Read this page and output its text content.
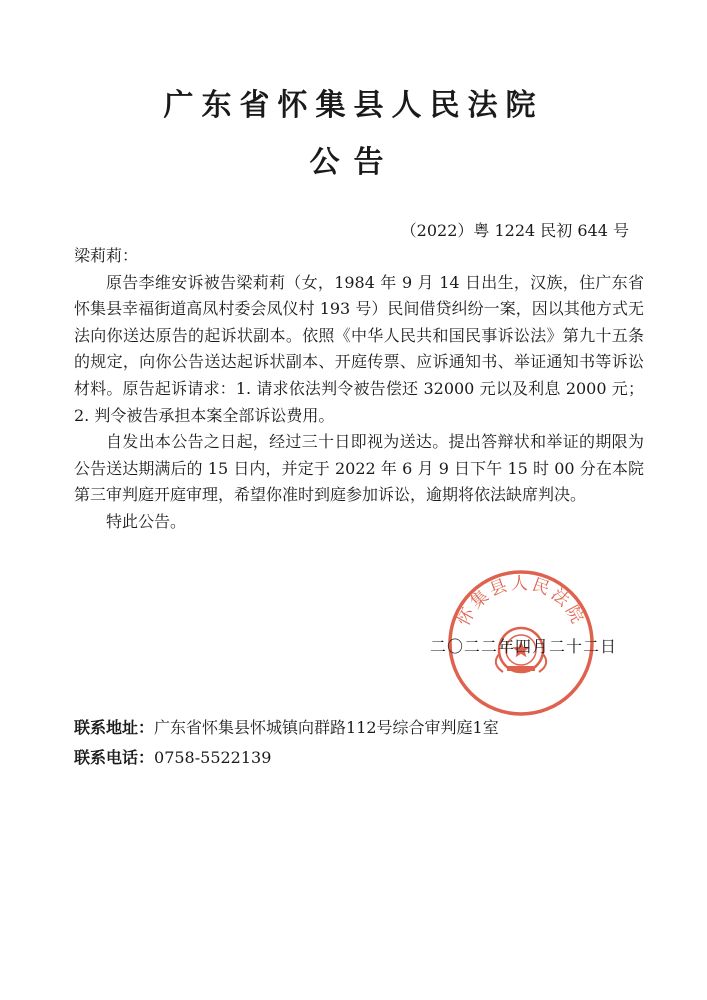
广东省怀集县人民法院
公告
（2022）粤 1224 民初 644 号

梁莉莉：

原告李维安诉被告梁莉莉（女，1984 年 9 月 14 日出生，汉族，住广东省怀集县幸福街道高凤村委会凤仪村 193 号）民间借贷纠纷一案，因以其他方式无法向你送达原告的起诉状副本。依照《中华人民共和国民事诉讼法》第九十五条的规定，向你公告送达起诉状副本、开庭传票、应诉通知书、举证通知书等诉讼材料。原告起诉请求：1. 请求依法判令被告偿还 32000 元以及利息 2000 元；2. 判令被告承担本案全部诉讼费用。

自发出本公告之日起，经过三十日即视为送达。提出答辩状和举证的期限为公告送达期满后的 15 日内，并定于 2022 年 6 月 9 日下午 15 时 00 分在本院第三审判庭开庭审理，希望你准时到庭参加诉讼，逾期将依法缺席判决。

特此公告。

怀集县人民法院
二〇二二年四月二十二日
联系地址：广东省怀集县怀城镇向群路112号综合审判庭1室
联系电话：0758-5522139
